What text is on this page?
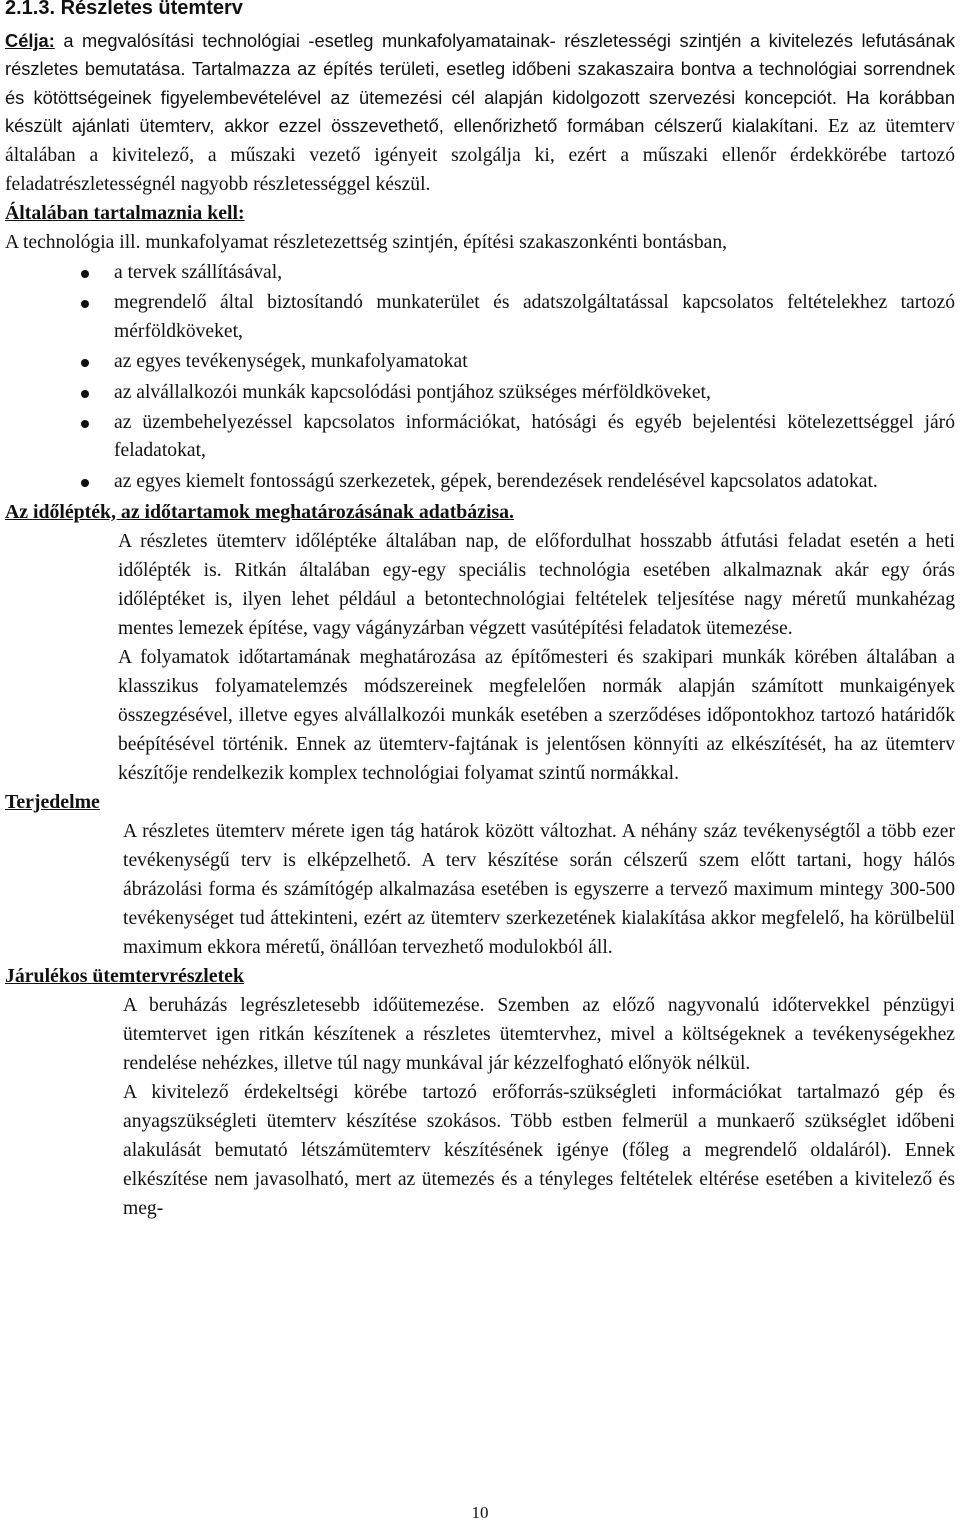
2.1.3. Részletes ütemterv

Célja: a megvalósítási technológiai -esetleg munkafolyamatainak- részletességi szintjén a kivitelezés lefutásának részletes bemutatása. Tartalmazza az építés területi, esetleg időbeni szakaszaira bontva a technológiai sorrendnek és kötöttségeinek figyelembevételével az ütemezési cél alapján kidolgozott szervezési koncepciót. Ha korábban készült ajánlati ütemterv, akkor ezzel összevethető, ellenőrizhető formában célszerű kialakítani. Ez az ütemterv általában a kivitelező, a műszaki vezető igényeit szolgálja ki, ezért a műszaki ellenőr érdekkörébe tartozó feladatrészletességnél nagyobb részletességgel készül.

Általában tartalmaznia kell:

A technológia ill. munkafolyamat részletezettség szintjén, építési szakaszonkénti bontásban,

a tervek szállításával,
megrendelő által biztosítandó munkaterület és adatszolgáltatással kapcsolatos feltételekhez tartozó mérföldköveket,
az egyes tevékenységek, munkafolyamatokat
az alvállalkozói munkák kapcsolódási pontjához szükséges mérföldköveket,
az üzembehelyezéssel kapcsolatos információkat, hatósági és egyéb bejelentési kötelezettséggel járó feladatokat,
az egyes kiemelt fontosságú szerkezetek, gépek, berendezések rendelésével kapcsolatos adatokat.

Az időlépték, az időtartamok meghatározásának adatbázisa.

A részletes ütemterv időléptéke általában nap, de előfordulhat hosszabb átfutási feladat esetén a heti időlépték is. Ritkán általában egy-egy speciális technológia esetében alkalmaznak akár egy órás időléptéket is, ilyen lehet például a betontechnológiai feltételek teljesítése nagy méretű munkahézag mentes lemezek építése, vagy vágányzárban végzett vasútépítési feladatok ütemezése.

A folyamatok időtartamának meghatározása az építőmesteri és szakipari munkák körében általában a klasszikus folyamatelemzés módszereinek megfelelően normák alapján számított munkaigények összegzésével, illetve egyes alvállalkozói munkák esetében a szerződéses időpontokhoz tartozó határidők beépítésével történik. Ennek az ütemterv-fajtának is jelentősen könnyíti az elkészítését, ha az ütemterv készítője rendelkezik komplex technológiai folyamat szintű normákkal.

Terjedelme

A részletes ütemterv mérete igen tág határok között változhat. A néhány száz tevékenységtől a több ezer tevékenységű terv is elképzelhető. A terv készítése során célszerű szem előtt tartani, hogy hálós ábrázolási forma és számítógép alkalmazása esetében is egyszerre a tervező maximum mintegy 300-500 tevékenységet tud áttekinteni, ezért az ütemterv szerkezetének kialakítása akkor megfelelő, ha körülbelül maximum ekkora méretű, önállóan tervezhető modulokból áll.

Járulékos ütemtervrészletek

A beruházás legrészletesebb időütemezése. Szemben az előző nagyvonalú időtervekkel pénzügyi ütemtervet igen ritkán készítenek a részletes ütemtervhez, mivel a költségeknek a tevékenységekhez rendelése nehézkes, illetve túl nagy munkával jár kézzelfogható előnyök nélkül.

A kivitelező érdekeltségi körébe tartozó erőforrás-szükségleti információkat tartalmazó gép és anyagszükségleti ütemterv készítése szokásos. Több estben felmerül a munkaerő szükséglet időbeni alakulását bemutató létszámütemterv készítésének igénye (főleg a megrendelő oldaláról). Ennek elkészítése nem javasolható, mert az ütemezés és a tényleges feltételek eltérése esetében a kivitelező és meg-

10
